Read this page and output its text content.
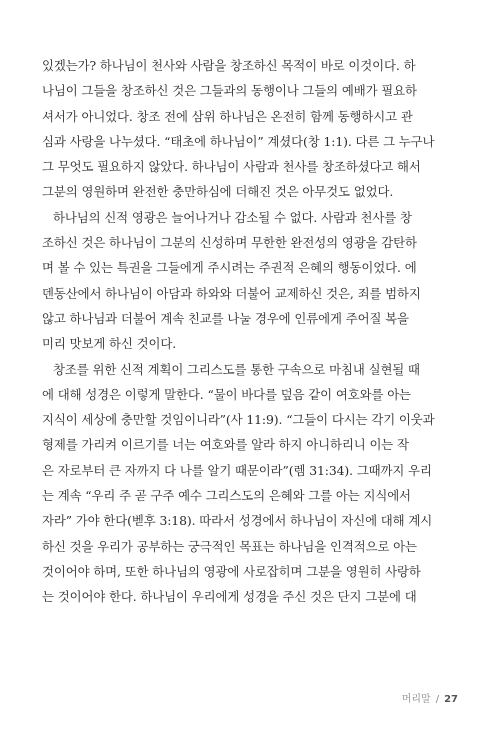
있겠는가? 하나님이 천사와 사람을 창조하신 목적이 바로 이것이다. 하
나님이 그들을 창조하신 것은 그들과의 동행이나 그들의 예배가 필요하
셔서가 아니었다. 창조 전에 삼위 하나님은 온전히 함께 동행하시고 관
심과 사랑을 나누셨다. “태초에 하나님이” 계셨다(창 1:1). 다른 그 누구나
그 무엇도 필요하지 않았다. 하나님이 사람과 천사를 창조하셨다고 해서
그분의 영원하며 완전한 충만하심에 더해진 것은 아무것도 없었다.
하나님의 신적 영광은 늘어나거나 감소될 수 없다. 사람과 천사를 창
조하신 것은 하나님이 그분의 신성하며 무한한 완전성의 영광을 감탄하
며 볼 수 있는 특권을 그들에게 주시려는 주권적 은혜의 행동이었다. 에
덴동산에서 하나님이 아담과 하와와 더불어 교제하신 것은, 죄를 범하지
않고 하나님과 더불어 계속 친교를 나눌 경우에 인류에게 주어질 복을
미리 맛보게 하신 것이다.
창조를 위한 신적 계획이 그리스도를 통한 구속으로 마침내 실현될 때
에 대해 성경은 이렇게 말한다. “물이 바다를 덮음 같이 여호와를 아는
지식이 세상에 충만할 것임이니라”(사 11:9). “그들이 다시는 각기 이웃과
형제를 가리켜 이르기를 너는 여호와를 알라 하지 아니하리니 이는 작
은 자로부터 큰 자까지 다 나를 알기 때문이라”(렘 31:34). 그때까지 우리
는 계속 “우리 주 곧 구주 예수 그리스도의 은혜와 그를 아는 지식에서
자라” 가야 한다(벧후 3:18). 따라서 성경에서 하나님이 자신에 대해 계시
하신 것을 우리가 공부하는 궁극적인 목표는 하나님을 인격적으로 아는
것이어야 하며, 또한 하나님의 영광에 사로잡히며 그분을 영원히 사랑하
는 것이어야 한다. 하나님이 우리에게 성경을 주신 것은 단지 그분에 대
머리말 / 27
